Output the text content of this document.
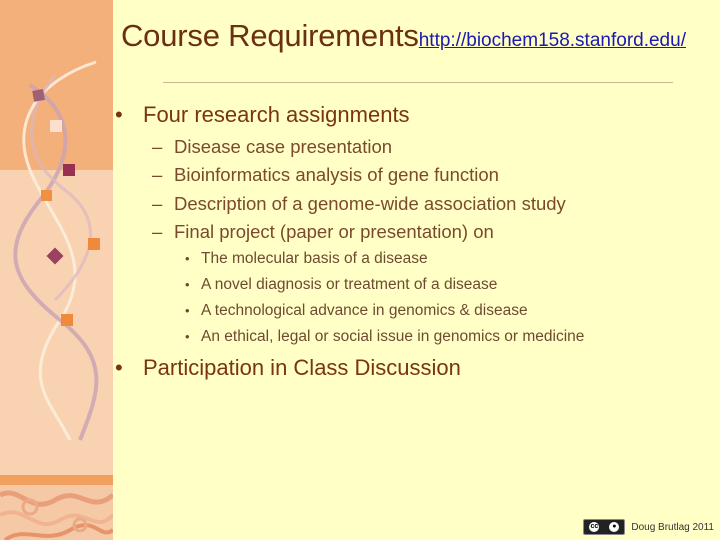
Course Requirements http://biochem158.stanford.edu/
• Four research assignments
– Disease case presentation
– Bioinformatics analysis of gene function
– Description of a genome-wide association study
– Final project (paper or presentation) on
• The molecular basis of a disease
• A novel diagnosis or treatment of a disease
• A technological advance in genomics & disease
• An ethical, legal or social issue in genomics or medicine
• Participation in Class Discussion
cc	● Doug Brutlag 2011
